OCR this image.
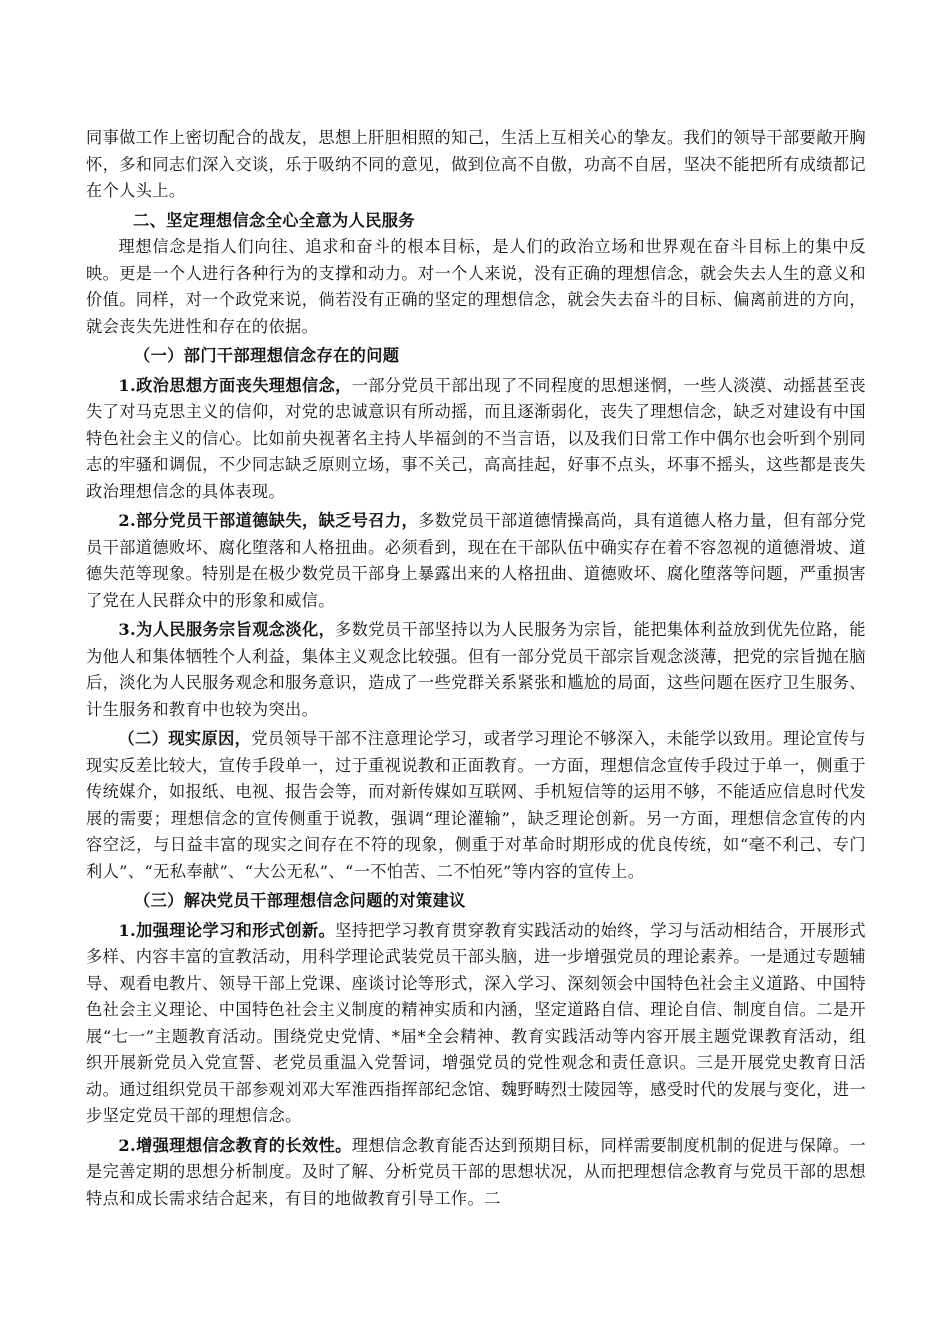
同事做工作上密切配合的战友，思想上肝胆相照的知己，生活上互相关心的挚友。我们的领导干部要敞开胸怀，多和同志们深入交谈，乐于吸纳不同的意见，做到位高不自傲，功高不自居，坚决不能把所有成绩都记在个人头上。

二、坚定理想信念全心全意为人民服务

理想信念是指人们向往、追求和奋斗的根本目标，是人们的政治立场和世界观在奋斗目标上的集中反映。更是一个人进行各种行为的支撑和动力。对一个人来说，没有正确的理想信念，就会失去人生的意义和价值。同样，对一个政党来说，倘若没有正确的坚定的理想信念，就会失去奋斗的目标、偏离前进的方向，就会丧失先进性和存在的依据。

（一）部门干部理想信念存在的问题

1.政治思想方面丧失理想信念，一部分党员干部出现了不同程度的思想迷惘，一些人淡漠、动摇甚至丧失了对马克思主义的信仰，对党的忠诚意识有所动摇，而且逐渐弱化，丧失了理想信念，缺乏对建设有中国特色社会主义的信心。比如前央视著名主持人毕福剑的不当言语，以及我们日常工作中偶尔也会听到个别同志的牢骚和调侃，不少同志缺乏原则立场，事不关己，高高挂起，好事不点头，坏事不摇头，这些都是丧失政治理想信念的具体表现。

2.部分党员干部道德缺失，缺乏号召力，多数党员干部道德情操高尚，具有道德人格力量，但有部分党员干部道德败坏、腐化堕落和人格扭曲。必须看到，现在在干部队伍中确实存在着不容忽视的道德滑坡、道德失范等现象。特别是在极少数党员干部身上暴露出来的人格扭曲、道德败坏、腐化堕落等问题，严重损害了党在人民群众中的形象和威信。

3.为人民服务宗旨观念淡化，多数党员干部坚持以为人民服务为宗旨，能把集体利益放到优先位路，能为他人和集体牺牲个人利益，集体主义观念比较强。但有一部分党员干部宗旨观念淡薄，把党的宗旨抛在脑后，淡化为人民服务观念和服务意识，造成了一些党群关系紧张和尴尬的局面，这些问题在医疗卫生服务、计生服务和教育中也较为突出。

（二）现实原因，党员领导干部不注意理论学习，或者学习理论不够深入，未能学以致用。理论宣传与现实反差比较大，宣传手段单一，过于重视说教和正面教育。一方面，理想信念宣传手段过于单一，侧重于传统媒介，如报纸、电视、报告会等，而对新传媒如互联网、手机短信等的运用不够，不能适应信息时代发展的需要；理想信念的宣传侧重于说教，强调“理论灌输”，缺乏理论创新。另一方面，理想信念宣传的内容空泛，与日益丰富的现实之间存在不符的现象，侧重于对革命时期形成的优良传统，如“毫不利己、专门利人”、“无私奉献”、“大公无私”、“一不怕苦、二不怕死”等内容的宣传上。

（三）解决党员干部理想信念问题的对策建议

1.加强理论学习和形式创新。坚持把学习教育贯穿教育实践活动的始终，学习与活动相结合，开展形式多样、内容丰富的宣教活动，用科学理论武装党员干部头脑，进一步增强党员的理论素养。一是通过专题辅导、观看电教片、领导干部上党课、座谈讨论等形式，深入学习、深刻领会中国特色社会主义道路、中国特色社会主义理论、中国特色社会主义制度的精神实质和内涵，坚定道路自信、理论自信、制度自信。二是开展“七一”主题教育活动。围绕党史党情、*届*全会精神、教育实践活动等内容开展主题党课教育活动，组织开展新党员入党宣誓、老党员重温入党誓词，增强党员的党性观念和责任意识。三是开展党史教育日活动。通过组织党员干部参观刘邓大军淮西指挥部纪念馆、魏野畴烈士陵园等，感受时代的发展与变化，进一步坚定党员干部的理想信念。

2.增强理想信念教育的长效性。理想信念教育能否达到预期目标，同样需要制度机制的促进与保障。一是完善定期的思想分析制度。及时了解、分析党员干部的思想状况，从而把理想信念教育与党员干部的思想特点和成长需求结合起来，有目的地做教育引导工作。二
